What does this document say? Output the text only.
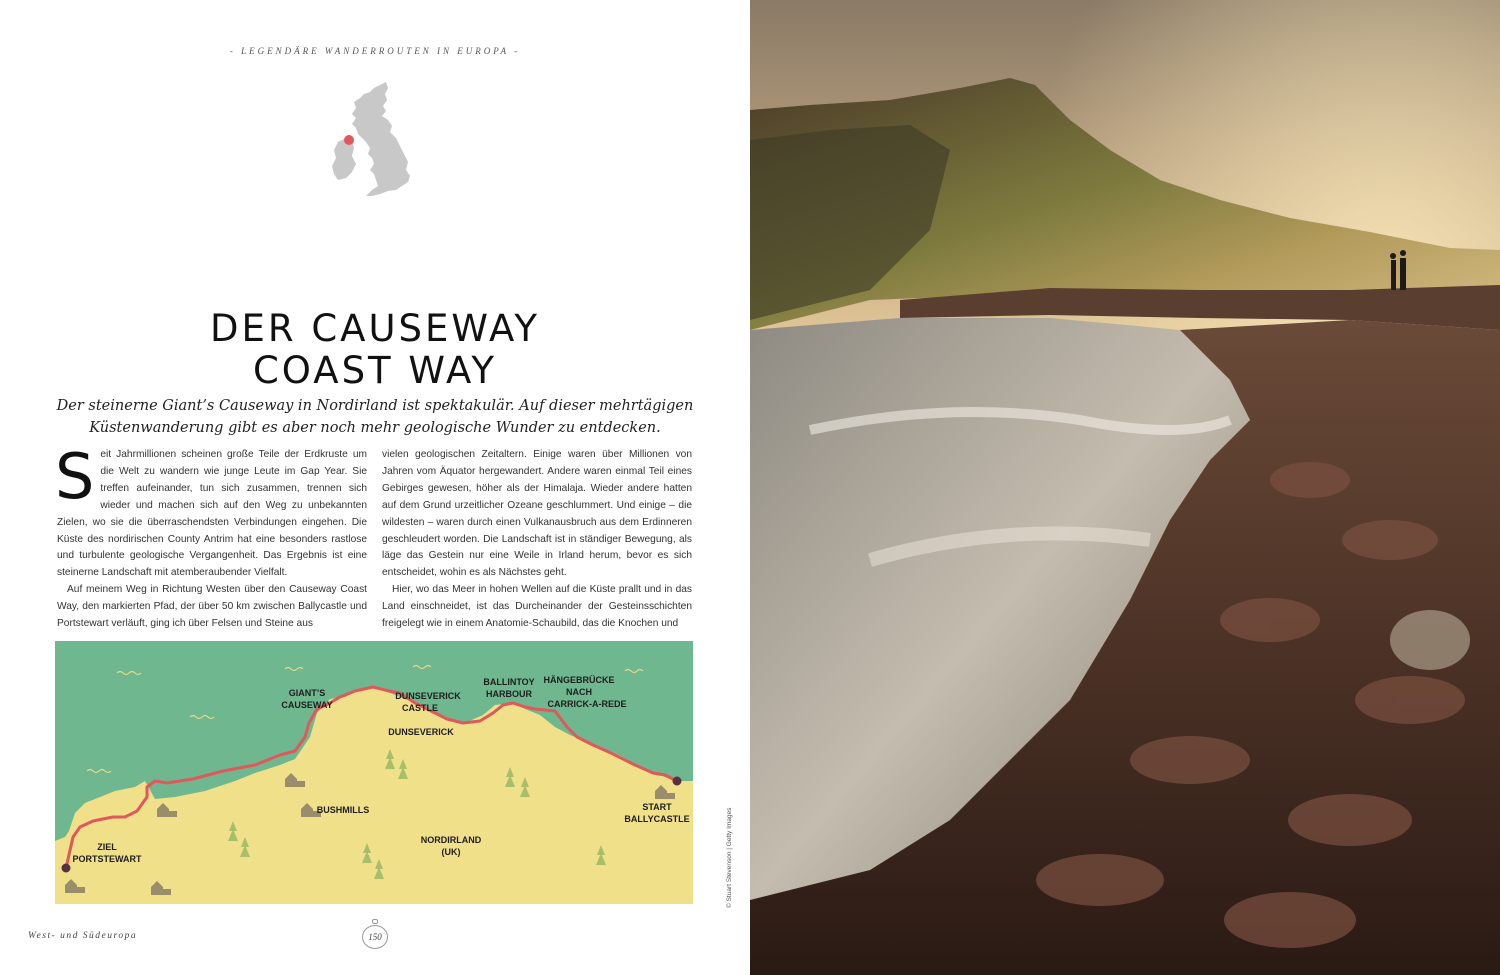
- LEGENDÄRE WANDERROUTEN IN EUROPA -
DER CAUSEWAY
COAST WAY
Der steinerne Giant’s Causeway in Nordirland ist spektakulär. Auf dieser mehrtägigen
Küstenwanderung gibt es aber noch mehr geologische Wunder zu entdecken.
S eit Jahrmillionen scheinen große Teile der Erdkruste um die Welt zu wandern wie junge Leute im Gap Year. Sie treffen aufeinander, tun sich zusammen, trennen sich wieder und machen sich auf den Weg zu unbekannten Zielen, wo sie die überraschendsten Verbindungen eingehen. Die Küste des nordirischen County Antrim hat eine besonders rastlose und turbulente geologische Vergangenheit. Das Ergebnis ist eine steinerne Landschaft mit atemberaubender Vielfalt.

Auf meinem Weg in Richtung Westen über den Causeway Coast Way, den markierten Pfad, der über 50 km zwischen Ballycastle und Portstewart verläuft, ging ich über Felsen und Steine aus

vielen geologischen Zeitaltern. Einige waren über Millionen von Jahren vom Äquator hergewandert. Andere waren einmal Teil eines Gebirges gewesen, höher als der Himalaja. Wieder andere hatten auf dem Grund urzeitlicher Ozeane geschlummert. Und einige – die wildesten – waren durch einen Vulkanausbruch aus dem Erdinneren geschleudert worden. Die Landschaft ist in ständiger Bewegung, als läge das Gestein nur eine Weile in Irland herum, bevor es sich entscheidet, wohin es als Nächstes geht.

Hier, wo das Meer in hohen Wellen auf die Küste prallt und in das Land einschneidet, ist das Durcheinander der Gesteinsschichten freigelegt wie in einem Anatomie-Schaubild, das die Knochen und

GIANT’S
CAUSEWAY
DUNSEVERICK
CASTLE
DUNSEVERICK
BALLINTOY
HARBOUR
HÄNGEBRÜCKE
NACH
CARRICK-A-REDE
BUSHMILLS
NORDIRLAND
(UK)
START
BALLYCASTLE
ZIEL
PORTSTEWART
West- und Südeuropa	150
© Stuart Stevenson | Getty Images
